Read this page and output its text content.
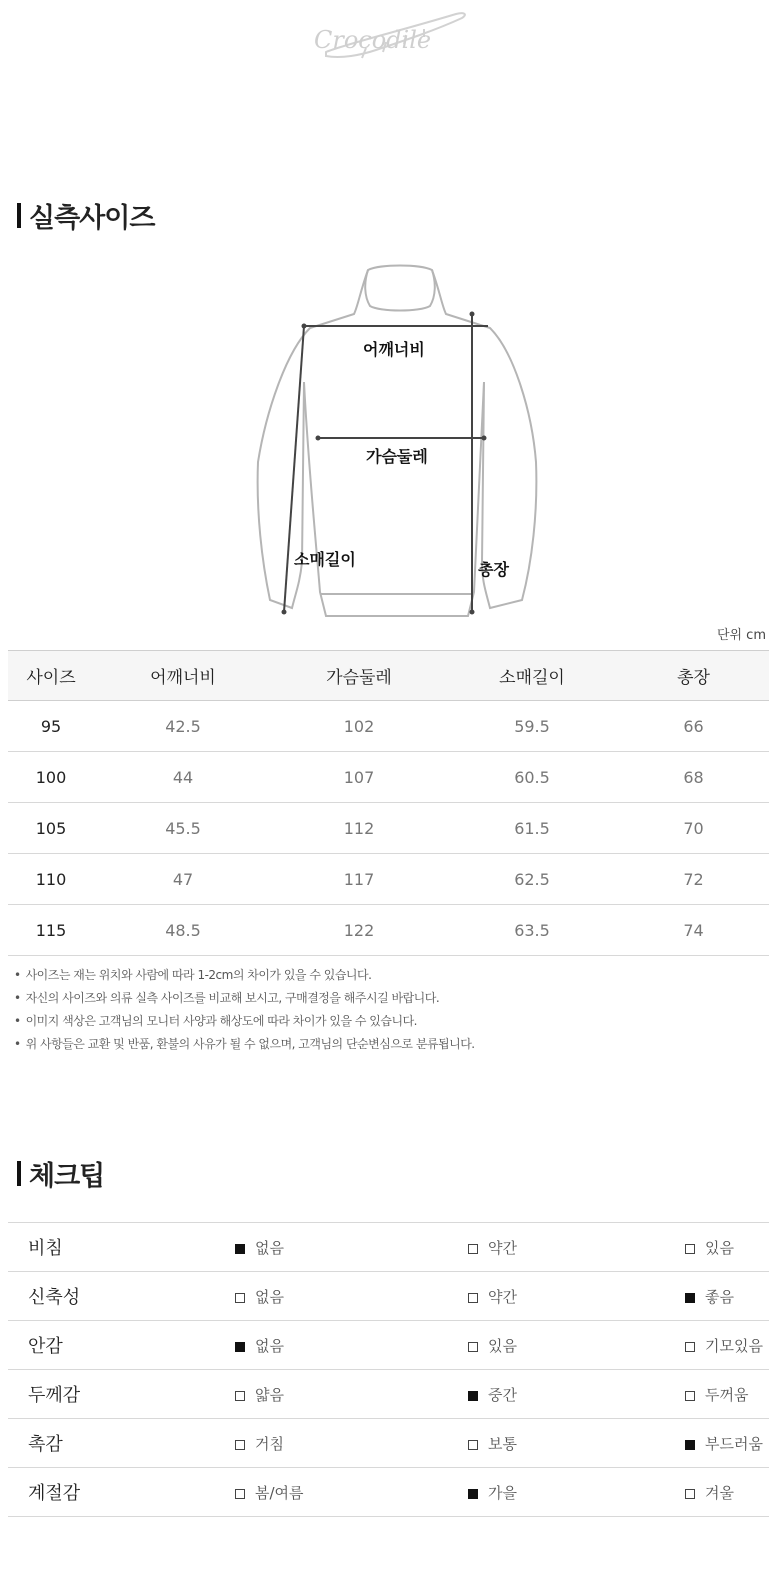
Crocodile
실측사이즈
어깨너비
가슴둘레
소매길이
총장
단위 cm
사이즈	어깨너비	가슴둘레	소매길이	총장
95	42.5	102	59.5	66
100	44	107	60.5	68
105	45.5	112	61.5	70
110	47	117	62.5	72
115	48.5	122	63.5	74
• 사이즈는 재는 위치와 사람에 따라 1-2cm의 차이가 있을 수 있습니다.
• 자신의 사이즈와 의류 실측 사이즈를 비교해 보시고, 구매결정을 해주시길 바랍니다.
• 이미지 색상은 고객님의 모니터 사양과 해상도에 따라 차이가 있을 수 있습니다.
• 위 사항들은 교환 및 반품, 환불의 사유가 될 수 없으며, 고객님의 단순변심으로 분류됩니다.
체크팁
비침	없음	약간	있음
신축성	없음	약간	좋음
안감	없음	있음	기모있음
두께감	얇음	중간	두꺼움
촉감	거침	보통	부드러움
계절감	봄/여름	가을	겨울
